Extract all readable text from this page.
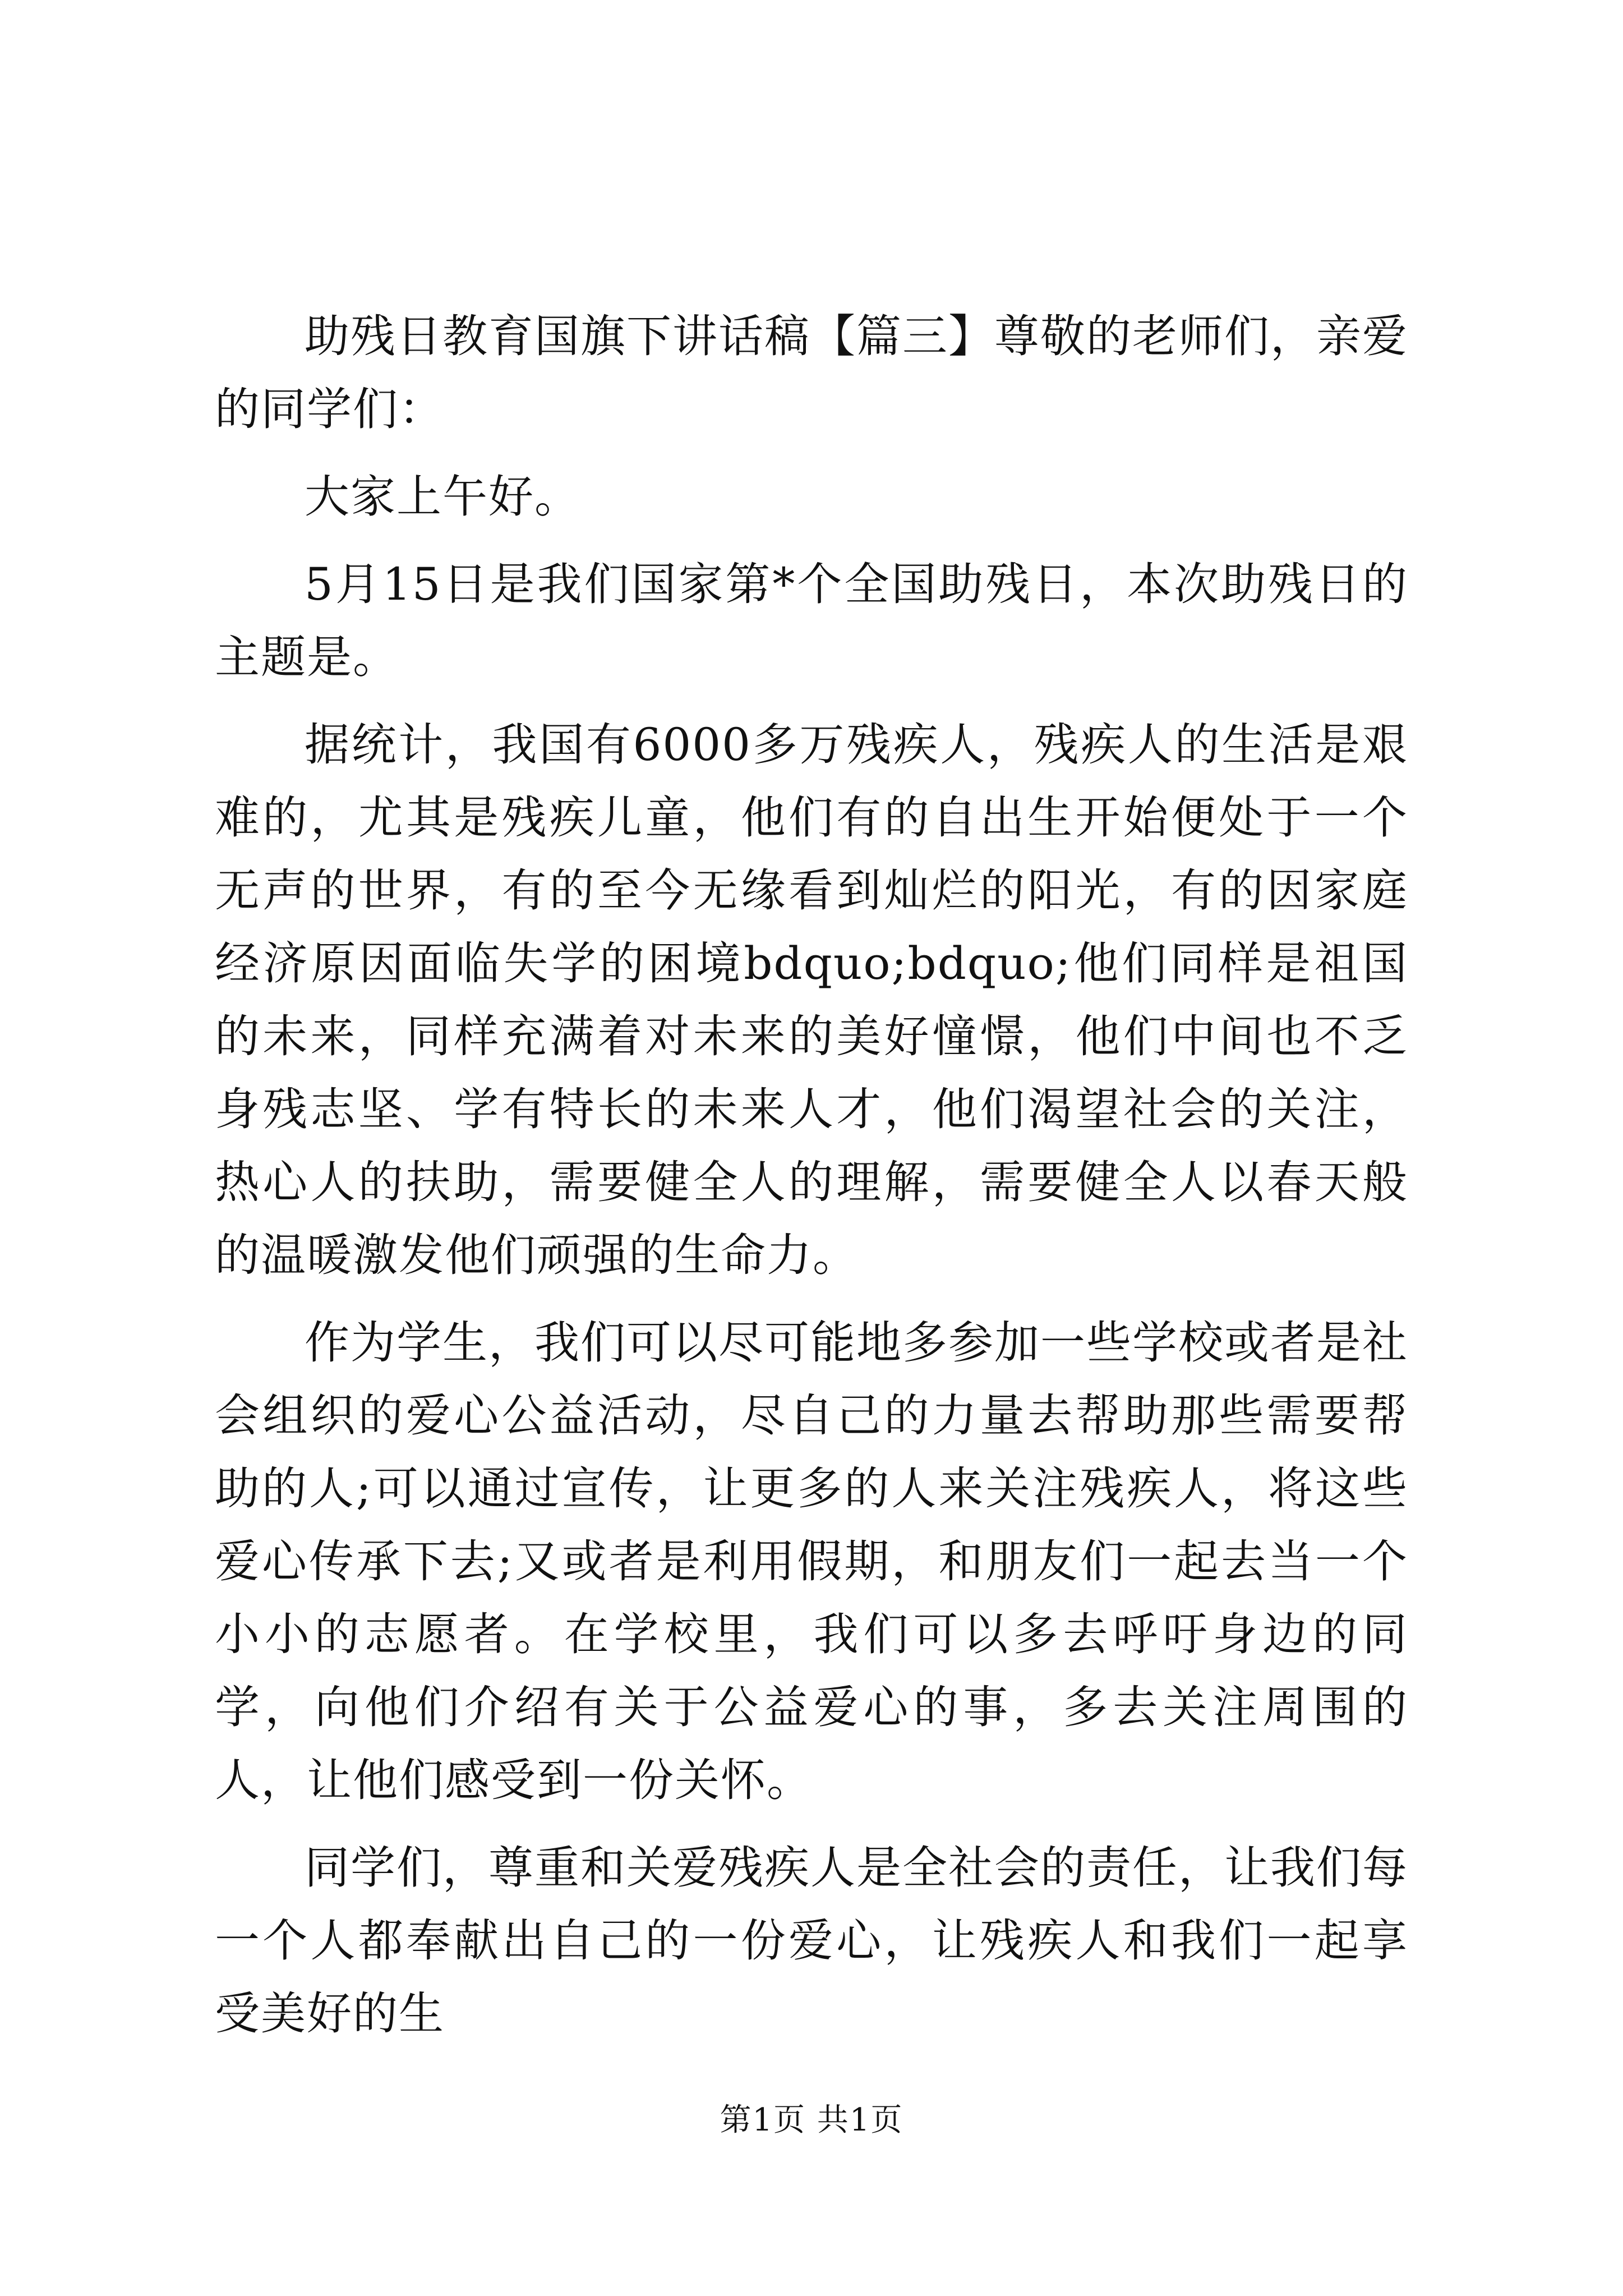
助残日教育国旗下讲话稿【篇三】尊敬的老师们，亲爱的同学们：

大家上午好。

5月15日是我们国家第*个全国助残日，本次助残日的主题是。

据统计，我国有6000多万残疾人，残疾人的生活是艰难的，尤其是残疾儿童，他们有的自出生开始便处于一个无声的世界，有的至今无缘看到灿烂的阳光，有的因家庭经济原因面临失学的困境bdquo;bdquo;他们同样是祖国的未来，同样充满着对未来的美好憧憬，他们中间也不乏身残志坚、学有特长的未来人才，他们渴望社会的关注，热心人的扶助，需要健全人的理解，需要健全人以春天般的温暖激发他们顽强的生命力。

作为学生，我们可以尽可能地多参加一些学校或者是社会组织的爱心公益活动，尽自己的力量去帮助那些需要帮助的人;可以通过宣传，让更多的人来关注残疾人，将这些爱心传承下去;又或者是利用假期，和朋友们一起去当一个小小的志愿者。在学校里，我们可以多去呼吁身边的同学，向他们介绍有关于公益爱心的事，多去关注周围的人，让他们感受到一份关怀。

同学们，尊重和关爱残疾人是全社会的责任，让我们每一个人都奉献出自己的一份爱心，让残疾人和我们一起享受美好的生

第1页 共1页
